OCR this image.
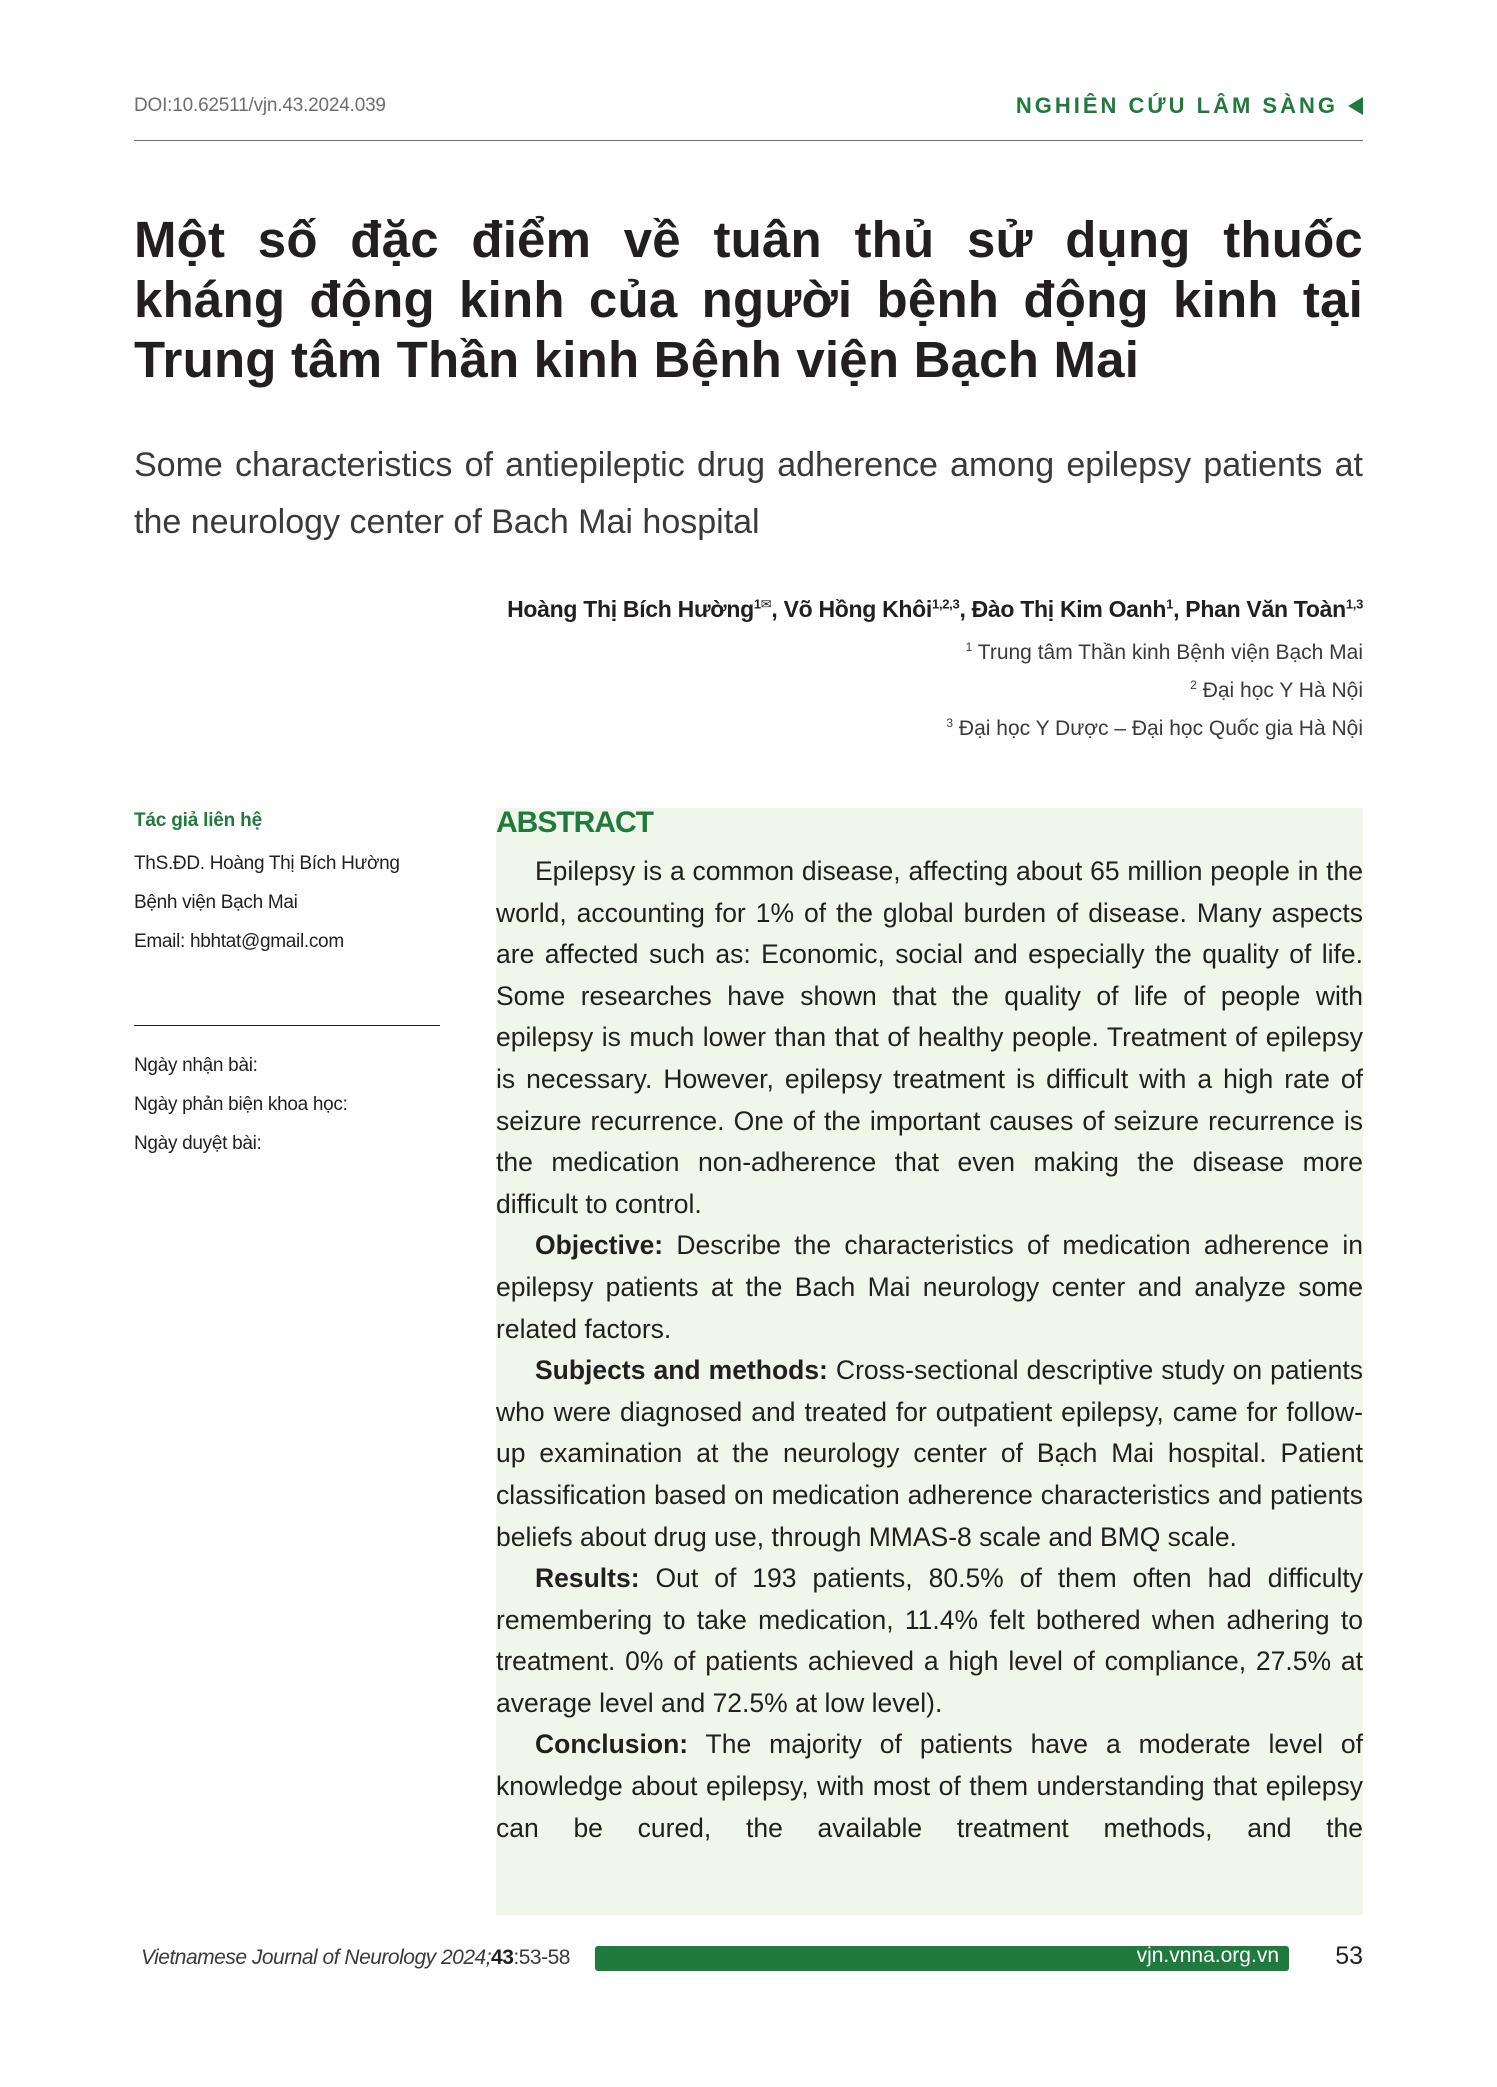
DOI:10.62511/vjn.43.2024.039	NGHIÊN CỨU LÂM SÀNG
Một số đặc điểm về tuân thủ sử dụng thuốc kháng động kinh của người bệnh động kinh tại Trung tâm Thần kinh Bệnh viện Bạch Mai
Some characteristics of antiepileptic drug adherence among epilepsy patients at the neurology center of Bach Mai hospital
Hoàng Thị Bích Hường$^{1✉}$, Võ Hồng Khôi$^{1,2,3}$, Đào Thị Kim Oanh$^1$, Phan Văn Toàn$^{1,3}$
$^1$ Trung tâm Thần kinh Bệnh viện Bạch Mai
$^2$ Đại học Y Hà Nội
$^3$ Đại học Y Dược – Đại học Quốc gia Hà Nội
Tác giả liên hệ
ThS.ĐD. Hoàng Thị Bích Hường
Bệnh viện Bạch Mai
Email: hbhtat@gmail.com
Ngày nhận bài:
Ngày phản biện khoa học:
Ngày duyệt bài:
ABSTRACT

Epilepsy is a common disease, affecting about 65 million people in the world, accounting for 1% of the global burden of disease. Many aspects are affected such as: Economic, social and especially the quality of life. Some researches have shown that the quality of life of people with epilepsy is much lower than that of healthy people. Treatment of epilepsy is necessary. However, epilepsy treatment is difficult with a high rate of seizure recurrence. One of the important causes of seizure recurrence is the medication non-adherence that even making the disease more difficult to control.

Objective: Describe the characteristics of medication adherence in epilepsy patients at the Bach Mai neurology center and analyze some related factors.

Subjects and methods: Cross-sectional descriptive study on patients who were diagnosed and treated for outpatient epilepsy, came for follow-up examination at the neurology center of Bạch Mai hospital. Patient classification based on medication adherence characteristics and patients beliefs about drug use, through MMAS-8 scale and BMQ scale.

Results: Out of 193 patients, 80.5% of them often had difficulty remembering to take medication, 11.4% felt bothered when adhering to treatment. 0% of patients achieved a high level of compliance, 27.5% at average level and 72.5% at low level).

Conclusion: The majority of patients have a moderate level of knowledge about epilepsy, with most of them understanding that epilepsy can be cured, the available treatment methods, and the

Vietnamese Journal of Neurology 2024;43:53-58	vjn.vnna.org.vn 53
